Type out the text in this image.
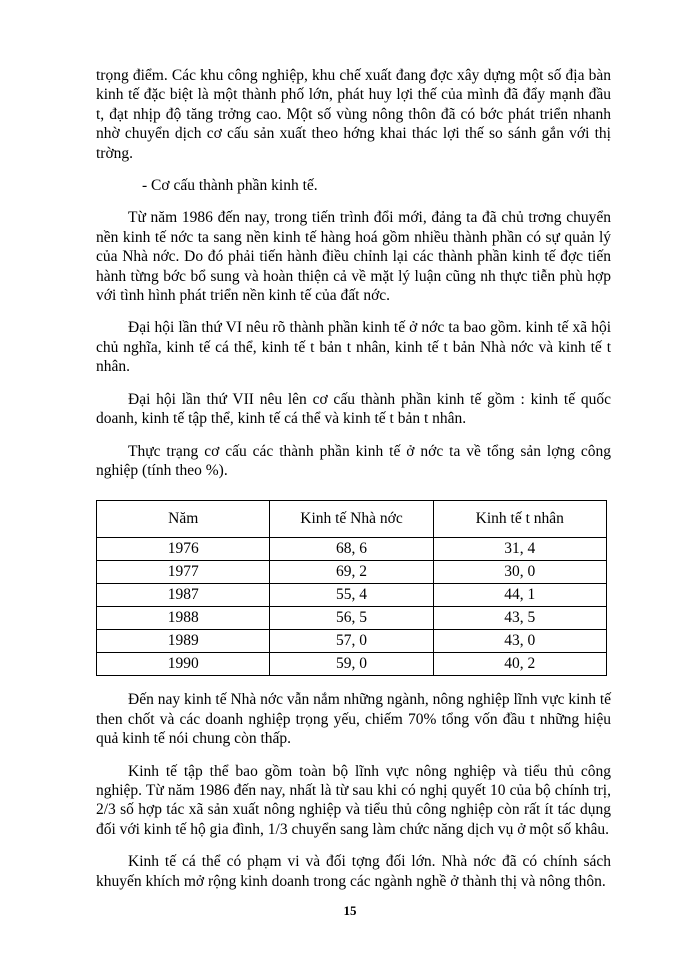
trọng điểm. Các khu công nghiệp, khu chế xuất đang đợc xây dựng một số địa bàn kinh tế đặc biệt là một thành phố lớn, phát huy lợi thế của mình đã đẩy mạnh đầu t, đạt nhịp độ tăng trởng cao. Một số vùng nông thôn đã có bớc phát triển nhanh nhờ chuyển dịch cơ cấu sản xuất theo hớng khai thác lợi thế so sánh gắn với thị trờng.

- Cơ cấu thành phần kinh tế.

Từ năm 1986 đến nay, trong tiến trình đổi mới, đảng ta đã chủ trơng chuyển nền kinh tế nớc ta sang nền kinh tế hàng hoá gồm nhiều thành phần có sự quản lý của Nhà nớc. Do đó phải tiến hành điều chỉnh lại các thành phần kinh tế đợc tiến hành từng bớc bổ sung và hoàn thiện cả về mặt lý luận cũng nh thực tiễn phù hợp với tình hình phát triển nền kinh tế của đất nớc.

Đại hội lần thứ VI nêu rõ thành phần kinh tế ở nớc ta bao gồm. kinh tế xã hội chủ nghĩa, kinh tế cá thể, kinh tế t bản t nhân, kinh tế t bản Nhà nớc và kinh tế t nhân.

Đại hội lần thứ VII nêu lên cơ cấu thành phần kinh tế gồm : kinh tế quốc doanh, kinh tế tập thể, kinh tế cá thể và kinh tế t bản t nhân.

Thực trạng cơ cấu các thành phần kinh tế ở nớc ta về tổng sản lợng công nghiệp (tính theo %).

Năm	Kinh tế Nhà nớc	Kinh tế t nhân
1976	68, 6	31, 4
1977	69, 2	30, 0
1987	55, 4	44, 1
1988	56, 5	43, 5
1989	57, 0	43, 0
1990	59, 0	40, 2

Đến nay kinh tế Nhà nớc vẫn nắm những ngành, nông nghiệp lĩnh vực kinh tế then chốt và các doanh nghiệp trọng yếu, chiếm 70% tổng vốn đầu t những hiệu quả kinh tế nói chung còn thấp.

Kinh tế tập thể bao gồm toàn bộ lĩnh vực nông nghiệp và tiểu thủ công nghiệp. Từ năm 1986 đến nay, nhất là từ sau khi có nghị quyết 10 của bộ chính trị, 2/3 số hợp tác xã sản xuất nông nghiệp và tiểu thủ công nghiệp còn rất ít tác dụng đối với kinh tế hộ gia đình, 1/3 chuyển sang làm chức năng dịch vụ ở một số khâu.

Kinh tế cá thể có phạm vi và đối tợng đối lớn. Nhà nớc đã có chính sách khuyến khích mở rộng kinh doanh trong các ngành nghề ở thành thị và nông thôn.

15
